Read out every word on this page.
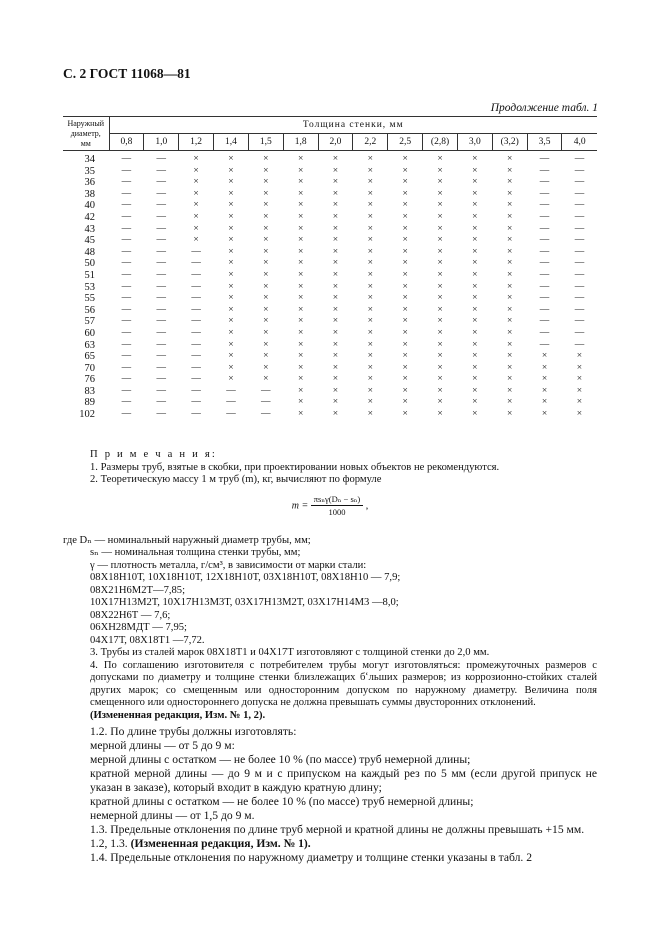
С. 2 ГОСТ 11068—81
Продолжение табл. 1
Наружный
диаметр,
мм	Толщина стенки, мм													
	0,8	1,0	1,2	1,4	1,5	1,8	2,0	2,2	2,5	(2,8)	3,0	(3,2)	3,5	4,0
34	—	—	×	×	×	×	×	×	×	×	×	×	—	—
35	—	—	×	×	×	×	×	×	×	×	×	×	—	—
36	—	—	×	×	×	×	×	×	×	×	×	×	—	—
38	—	—	×	×	×	×	×	×	×	×	×	×	—	—
40	—	—	×	×	×	×	×	×	×	×	×	×	—	—
42	—	—	×	×	×	×	×	×	×	×	×	×	—	—
43	—	—	×	×	×	×	×	×	×	×	×	×	—	—
45	—	—	×	×	×	×	×	×	×	×	×	×	—	—
48	—	—	—	×	×	×	×	×	×	×	×	×	—	—
50	—	—	—	×	×	×	×	×	×	×	×	×	—	—
51	—	—	—	×	×	×	×	×	×	×	×	×	—	—
53	—	—	—	×	×	×	×	×	×	×	×	×	—	—
55	—	—	—	×	×	×	×	×	×	×	×	×	—	—
56	—	—	—	×	×	×	×	×	×	×	×	×	—	—
57	—	—	—	×	×	×	×	×	×	×	×	×	—	—
60	—	—	—	×	×	×	×	×	×	×	×	×	—	—
63	—	—	—	×	×	×	×	×	×	×	×	×	—	—
65	—	—	—	×	×	×	×	×	×	×	×	×	×	×
70	—	—	—	×	×	×	×	×	×	×	×	×	×	×
76	—	—	—	×	×	×	×	×	×	×	×	×	×	×
83	—	—	—	—	—	×	×	×	×	×	×	×	×	×
89	—	—	—	—	—	×	×	×	×	×	×	×	×	×
102	—	—	—	—	—	×	×	×	×	×	×	×	×	×

П р и м е ч а н и я:

1. Размеры труб, взятые в скобки, при проектировании новых объектов не рекомендуются.

2. Теоретическую массу 1 м труб (m), кг, вычисляют по формуле

$m = \frac{\text{πsₙγ(Dₙ − sₙ)}}{1000}$ ,

где Dₙ — номинальный наружный диаметр трубы, мм;

sₙ — номинальная толщина стенки трубы, мм;

γ — плотность металла, г/см³, в зависимости от марки стали:

08Х18Н10Т, 10Х18Н10Т, 12Х18Н10Т, 03Х18Н10Т, 08Х18Н10 — 7,9;

08Х21Н6М2Т—7,85;

10Х17Н13М2Т, 10Х17Н13М3Т, 03Х17Н13М2Т, 03Х17Н14М3 —8,0;

08Х22Н6Т — 7,6;

06ХН28МДТ — 7,95;

04Х17Т, 08Х18Т1 —7,72.

3. Трубы из сталей марок 08Х18Т1 и 04Х17Т изготовляют с толщиной стенки до 2,0 мм.

4. По соглашению изготовителя с потребителем трубы могут изготовляться: промежуточных размеров с допусками по диаметру и толщине стенки близлежащих бՙльших размеров; из коррозионно-стойких сталей других марок; со смещенным или односторонним допуском по наружному диаметру. Величина поля смещенного или одностороннего допуска не должна превышать суммы двусторонних отклонений.

(Измененная редакция, Изм. № 1, 2).

1.2. По длине трубы должны изготовлять:

мерной длины — от 5 до 9 м:

мерной длины с остатком — не более 10 % (по массе) труб немерной длины;

кратной мерной длины — до 9 м и с припуском на каждый рез по 5 мм (если другой припуск не указан в заказе), который входит в каждую кратную длину;

кратной длины с остатком — не более 10 % (по массе) труб немерной длины;

немерной длины — от 1,5 до 9 м.

1.3. Предельные отклонения по длине труб мерной и кратной длины не должны превышать +15 мм.

1.2, 1.3. (Измененная редакция, Изм. № 1).

1.4. Предельные отклонения по наружному диаметру и толщине стенки указаны в табл. 2
